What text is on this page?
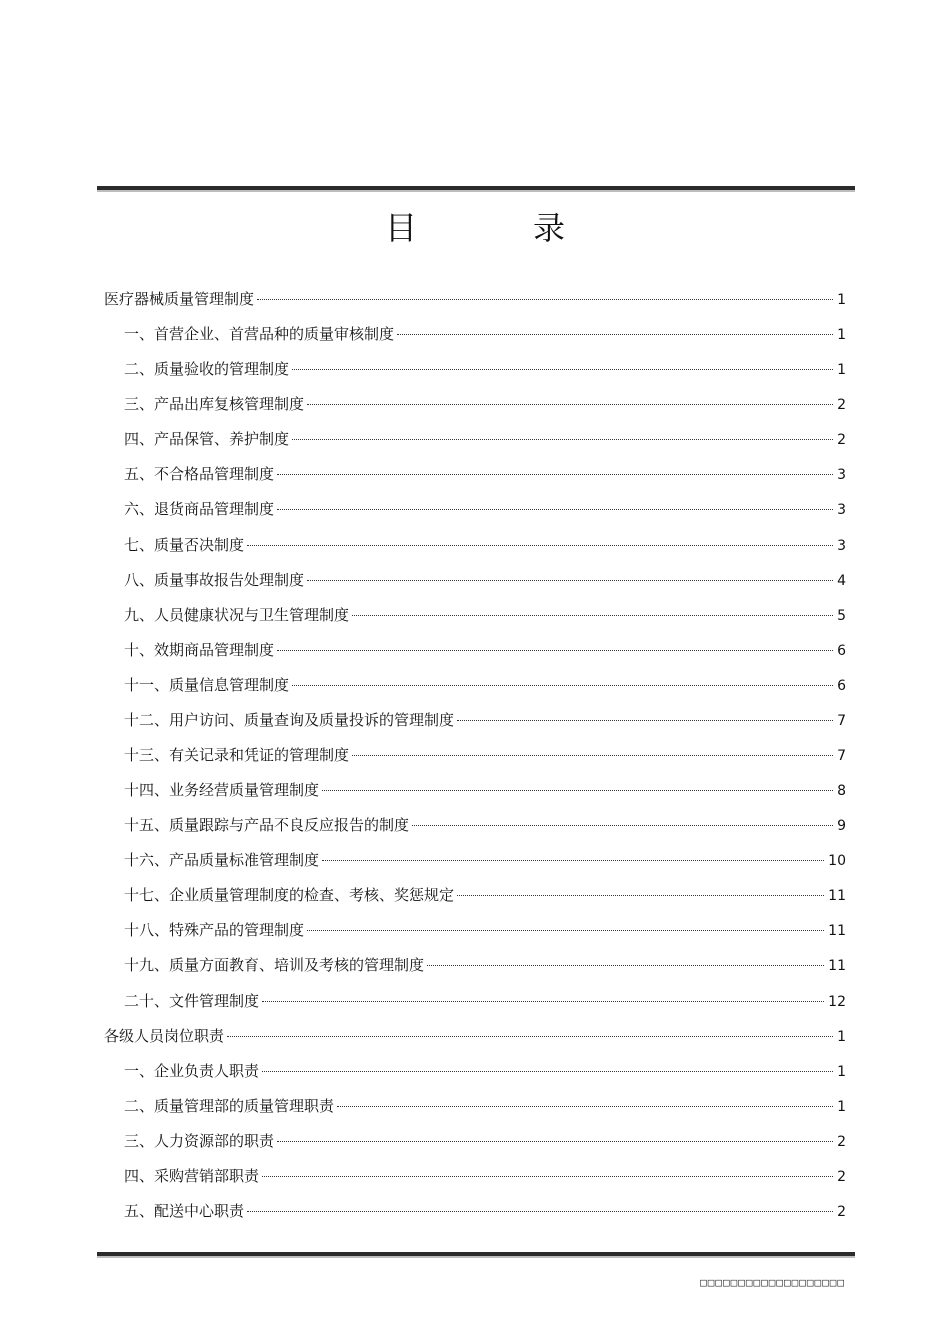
目　录
医疗器械质量管理制度	1
一、首营企业、首营品种的质量审核制度	1
二、质量验收的管理制度	1
三、产品出库复核管理制度	2
四、产品保管、养护制度	2
五、不合格品管理制度	3
六、退货商品管理制度	3
七、质量否决制度	3
八、质量事故报告处理制度	4
九、人员健康状况与卫生管理制度	5
十、效期商品管理制度	6
十一、质量信息管理制度	6
十二、用户访问、质量查询及质量投诉的管理制度	7
十三、有关记录和凭证的管理制度	7
十四、业务经营质量管理制度	8
十五、质量跟踪与产品不良反应报告的制度	9
十六、产品质量标准管理制度	10
十七、企业质量管理制度的检查、考核、奖惩规定	11
十八、特殊产品的管理制度	11
十九、质量方面教育、培训及考核的管理制度	11
二十、文件管理制度	12
各级人员岗位职责	1
一、企业负责人职责	1
二、质量管理部的质量管理职责	1
三、人力资源部的职责	2
四、采购营销部职责	2
五、配送中心职责	2
□□□□□□□□□□□□□□□□□□□
